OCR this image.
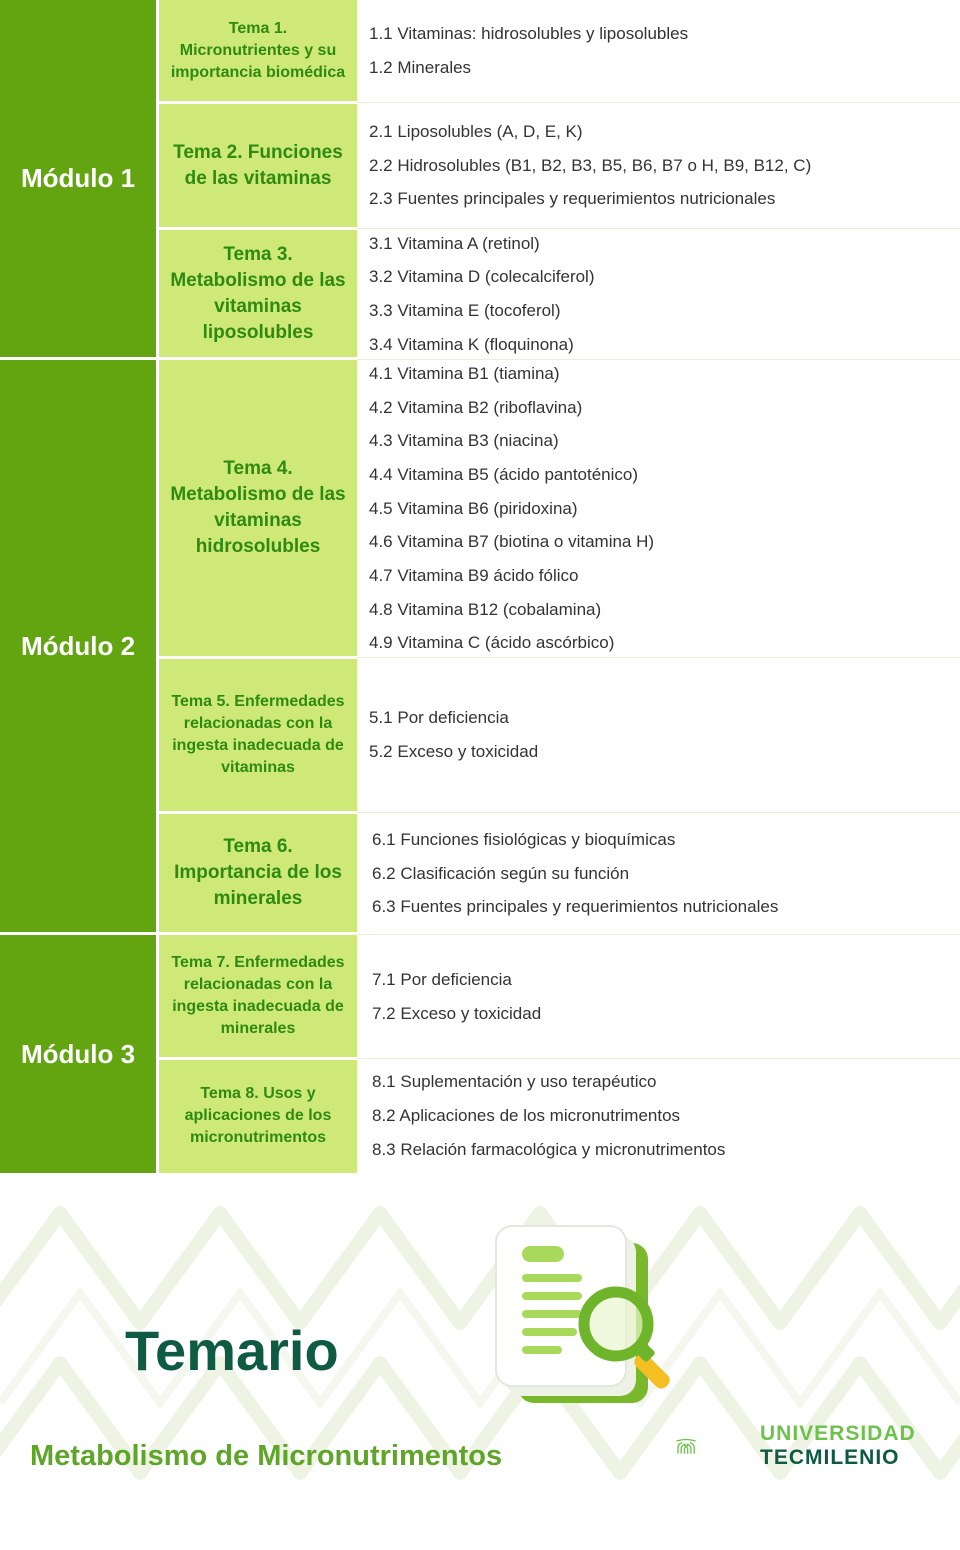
Módulo 1
Módulo 2
Módulo 3
Tema 1. Micronutrientes y su importancia biomédica
1.1 Vitaminas: hidrosolubles y liposolubles
1.2 Minerales
Tema 2. Funciones de las vitaminas
2.1 Liposolubles (A, D, E, K)
2.2 Hidrosolubles (B1, B2, B3, B5, B6, B7 o H, B9, B12, C)
2.3 Fuentes principales y requerimientos nutricionales
Tema 3. Metabolismo de las vitaminas liposolubles
3.1 Vitamina A (retinol)
3.2 Vitamina D (colecalciferol)
3.3 Vitamina E (tocoferol)
3.4 Vitamina K (floquinona)
Tema 4. Metabolismo de las vitaminas hidrosolubles
4.1 Vitamina B1 (tiamina)
4.2 Vitamina B2 (riboflavina)
4.3 Vitamina B3 (niacina)
4.4 Vitamina B5 (ácido pantoténico)
4.5 Vitamina B6 (piridoxina)
4.6 Vitamina B7 (biotina o vitamina H)
4.7 Vitamina B9 ácido fólico
4.8 Vitamina B12 (cobalamina)
4.9 Vitamina C (ácido ascórbico)
Tema 5. Enfermedades relacionadas con la ingesta inadecuada de vitaminas
5.1 Por deficiencia
5.2 Exceso y toxicidad
Tema 6. Importancia de los minerales
6.1 Funciones fisiológicas y bioquímicas
6.2 Clasificación según su función
6.3 Fuentes principales y requerimientos nutricionales
Tema 7. Enfermedades relacionadas con la ingesta inadecuada de minerales
7.1 Por deficiencia
7.2 Exceso y toxicidad
Tema 8. Usos y aplicaciones de los micronutrimentos
8.1 Suplementación y uso terapéutico
8.2 Aplicaciones de los micronutrimentos
8.3 Relación farmacológica y micronutrimentos
Temario
Metabolismo de Micronutrimentos
UNIVERSIDAD
TECMILENIO
